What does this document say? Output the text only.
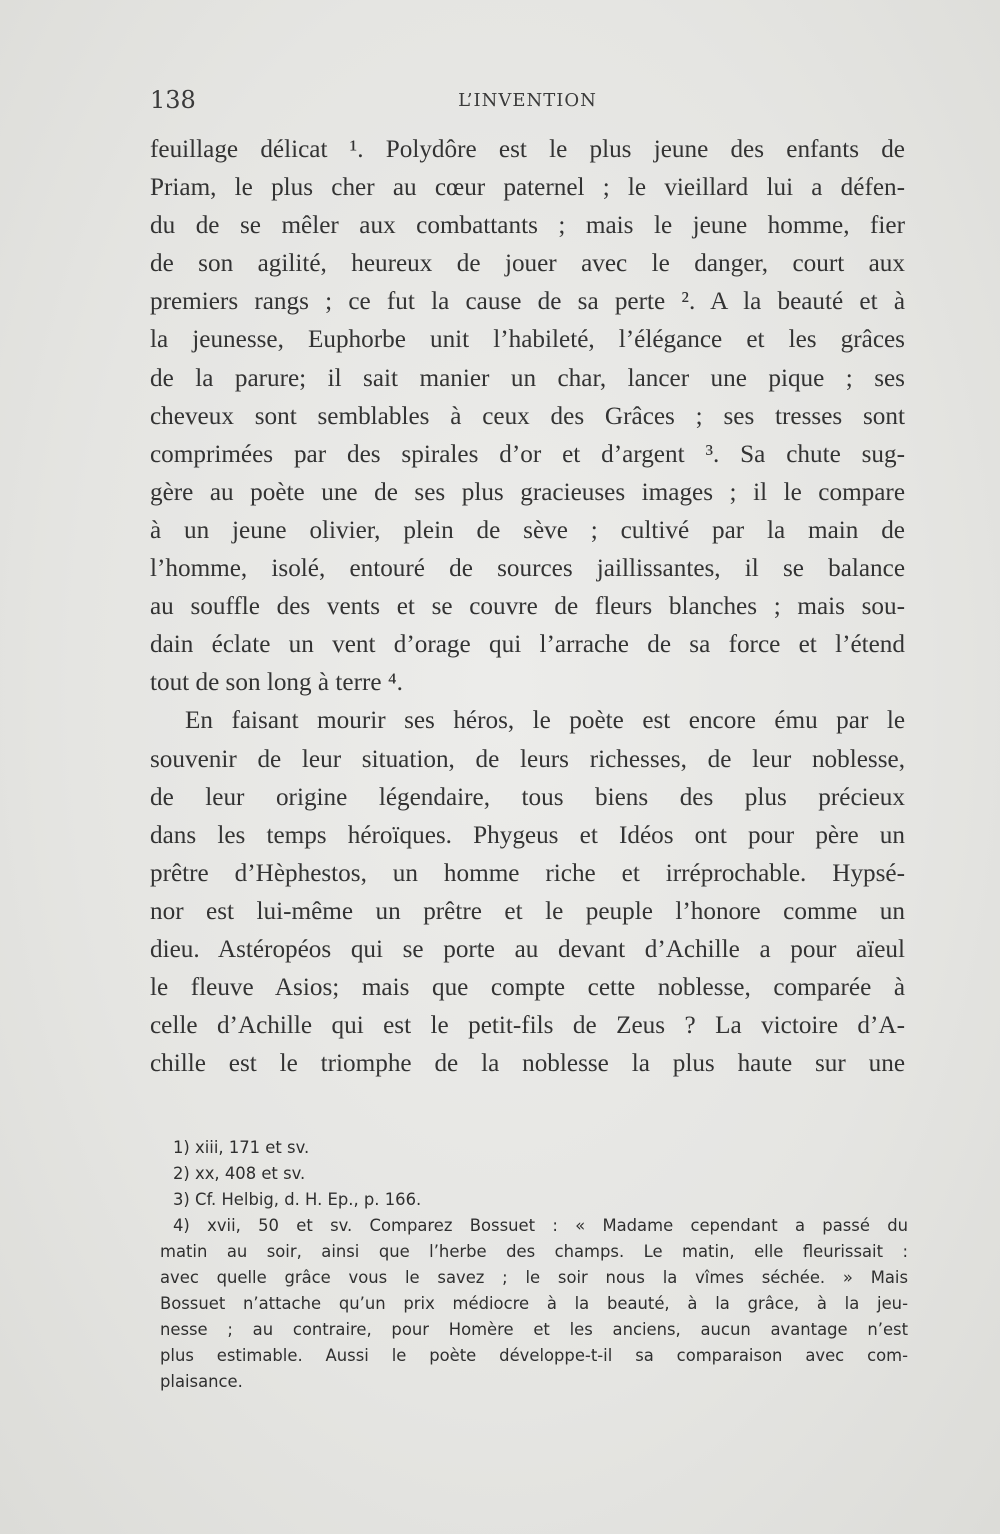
138	L’INVENTION
feuillage délicat ¹. Polydôre est le plus jeune des enfants de
Priam, le plus cher au cœur paternel ; le vieillard lui a défen-
du de se mêler aux combattants ; mais le jeune homme, fier
de son agilité, heureux de jouer avec le danger, court aux
premiers rangs ; ce fut la cause de sa perte ². A la beauté et à
la jeunesse, Euphorbe unit l’habileté, l’élégance et les grâces
de la parure; il sait manier un char, lancer une pique ; ses
cheveux sont semblables à ceux des Grâces ; ses tresses sont
comprimées par des spirales d’or et d’argent ³. Sa chute sug-
gère au poète une de ses plus gracieuses images ; il le compare
à un jeune olivier, plein de sève ; cultivé par la main de
l’homme, isolé, entouré de sources jaillissantes, il se balance
au souffle des vents et se couvre de fleurs blanches ; mais sou-
dain éclate un vent d’orage qui l’arrache de sa force et l’étend
tout de son long à terre ⁴.
En faisant mourir ses héros, le poète est encore ému par le
souvenir de leur situation, de leurs richesses, de leur noblesse,
de leur origine légendaire, tous biens des plus précieux
dans les temps héroïques. Phygeus et Idéos ont pour père un
prêtre d’Hèphestos, un homme riche et irréprochable. Hypsé-
nor est lui-même un prêtre et le peuple l’honore comme un
dieu. Astéropéos qui se porte au devant d’Achille a pour aïeul
le fleuve Asios; mais que compte cette noblesse, comparée à
celle d’Achille qui est le petit-fils de Zeus ? La victoire d’A-
chille est le triomphe de la noblesse la plus haute sur une
1) xiii, 171 et sv.
2) xx, 408 et sv.
3) Cf. Helbig, d. H. Ep., p. 166.
4) xvii, 50 et sv. Comparez Bossuet : « Madame cependant a passé du
matin au soir, ainsi que l’herbe des champs. Le matin, elle fleurissait :
avec quelle grâce vous le savez ; le soir nous la vîmes séchée. » Mais
Bossuet n’attache qu’un prix médiocre à la beauté, à la grâce, à la jeu-
nesse ; au contraire, pour Homère et les anciens, aucun avantage n’est
plus estimable. Aussi le poète développe-t-il sa comparaison avec com-
plaisance.
